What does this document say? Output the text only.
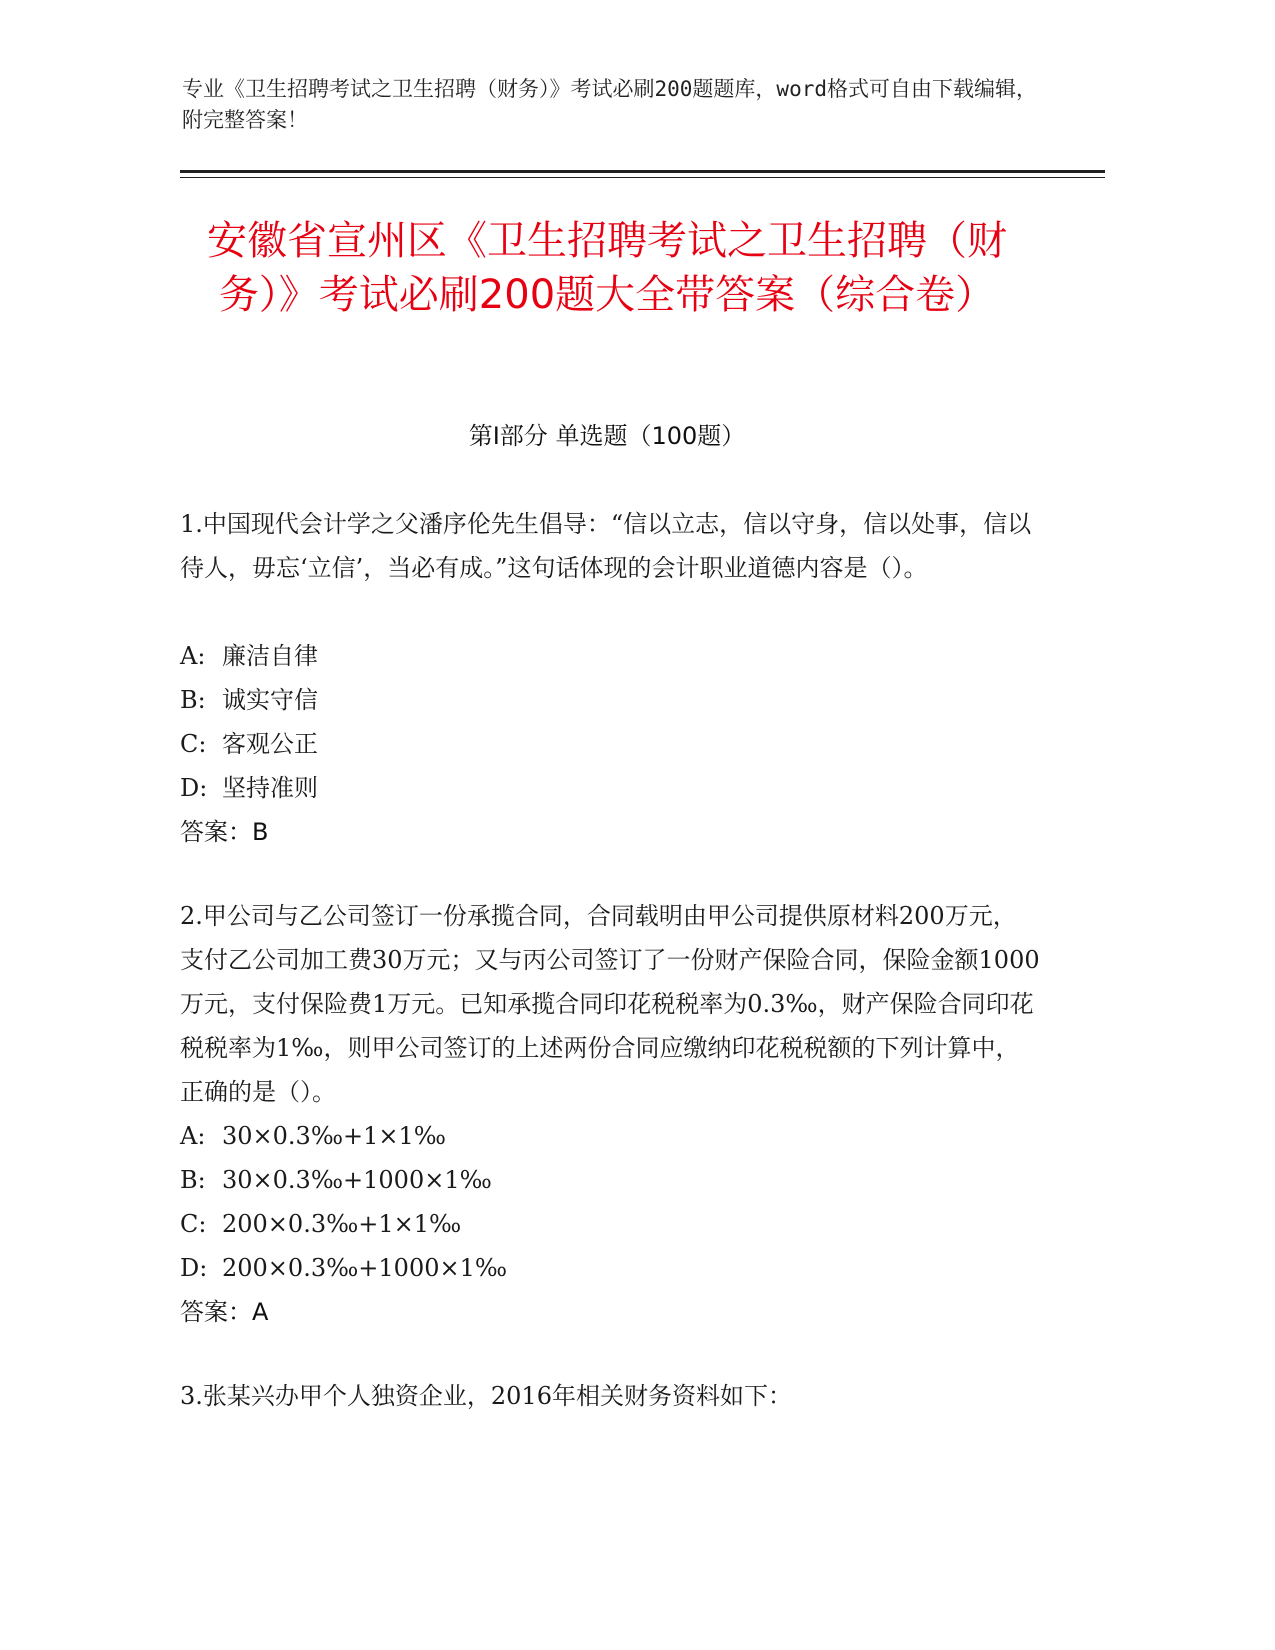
专业《卫生招聘考试之卫生招聘（财务）》考试必刷200题题库，word格式可自由下载编辑，附完整答案！
安徽省宣州区《卫生招聘考试之卫生招聘（财务）》考试必刷200题大全带答案（综合卷）
第I部分 单选题（100题）
1.中国现代会计学之父潘序伦先生倡导：“信以立志，信以守身，信以处事，信以待人，毋忘‘立信’，当必有成。”这句话体现的会计职业道德内容是（）。
A: 廉洁自律
B: 诚实守信
C: 客观公正
D: 坚持准则
答案：B
2.甲公司与乙公司签订一份承揽合同，合同载明由甲公司提供原材料200万元，支付乙公司加工费30万元；又与丙公司签订了一份财产保险合同，保险金额1000万元，支付保险费1万元。已知承揽合同印花税税率为0.3‰，财产保险合同印花税税率为1‰，则甲公司签订的上述两份合同应缴纳印花税税额的下列计算中，正确的是（）。
A: 30×0.3‰+1×1‰
B: 30×0.3‰+1000×1‰
C: 200×0.3‰+1×1‰
D: 200×0.3‰+1000×1‰
答案：A
3.张某兴办甲个人独资企业，2016年相关财务资料如下：
